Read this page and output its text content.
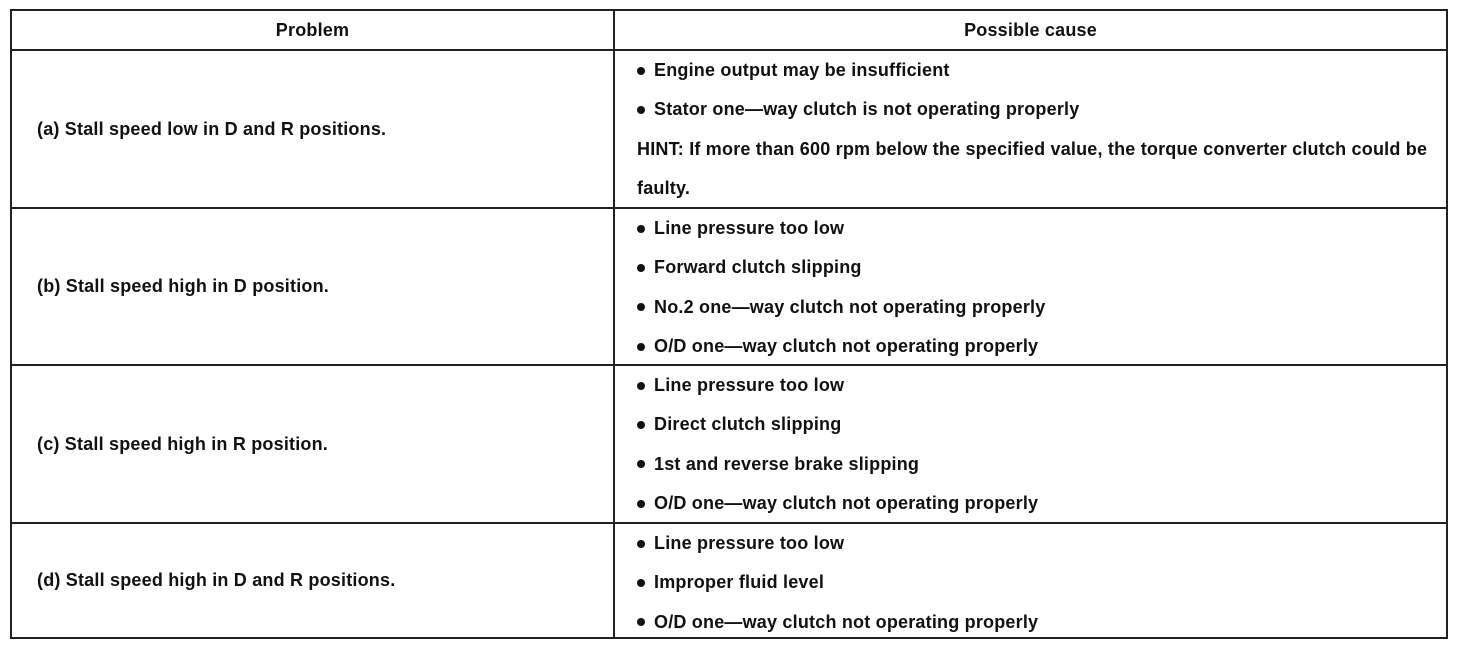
Problem	Possible cause
(a) Stall speed low in D and R positions.
Engine output may be insufficient
Stator one—way clutch is not operating properly
HINT: If more than 600 rpm below the specified value, the torque converter clutch could be faulty.
(b) Stall speed high in D position.
Line pressure too low
Forward clutch slipping
No.2 one—way clutch not operating properly
O/D one—way clutch not operating properly
(c) Stall speed high in R position.
Line pressure too low
Direct clutch slipping
1st and reverse brake slipping
O/D one—way clutch not operating properly
(d) Stall speed high in D and R positions.
Line pressure too low
Improper fluid level
O/D one—way clutch not operating properly
